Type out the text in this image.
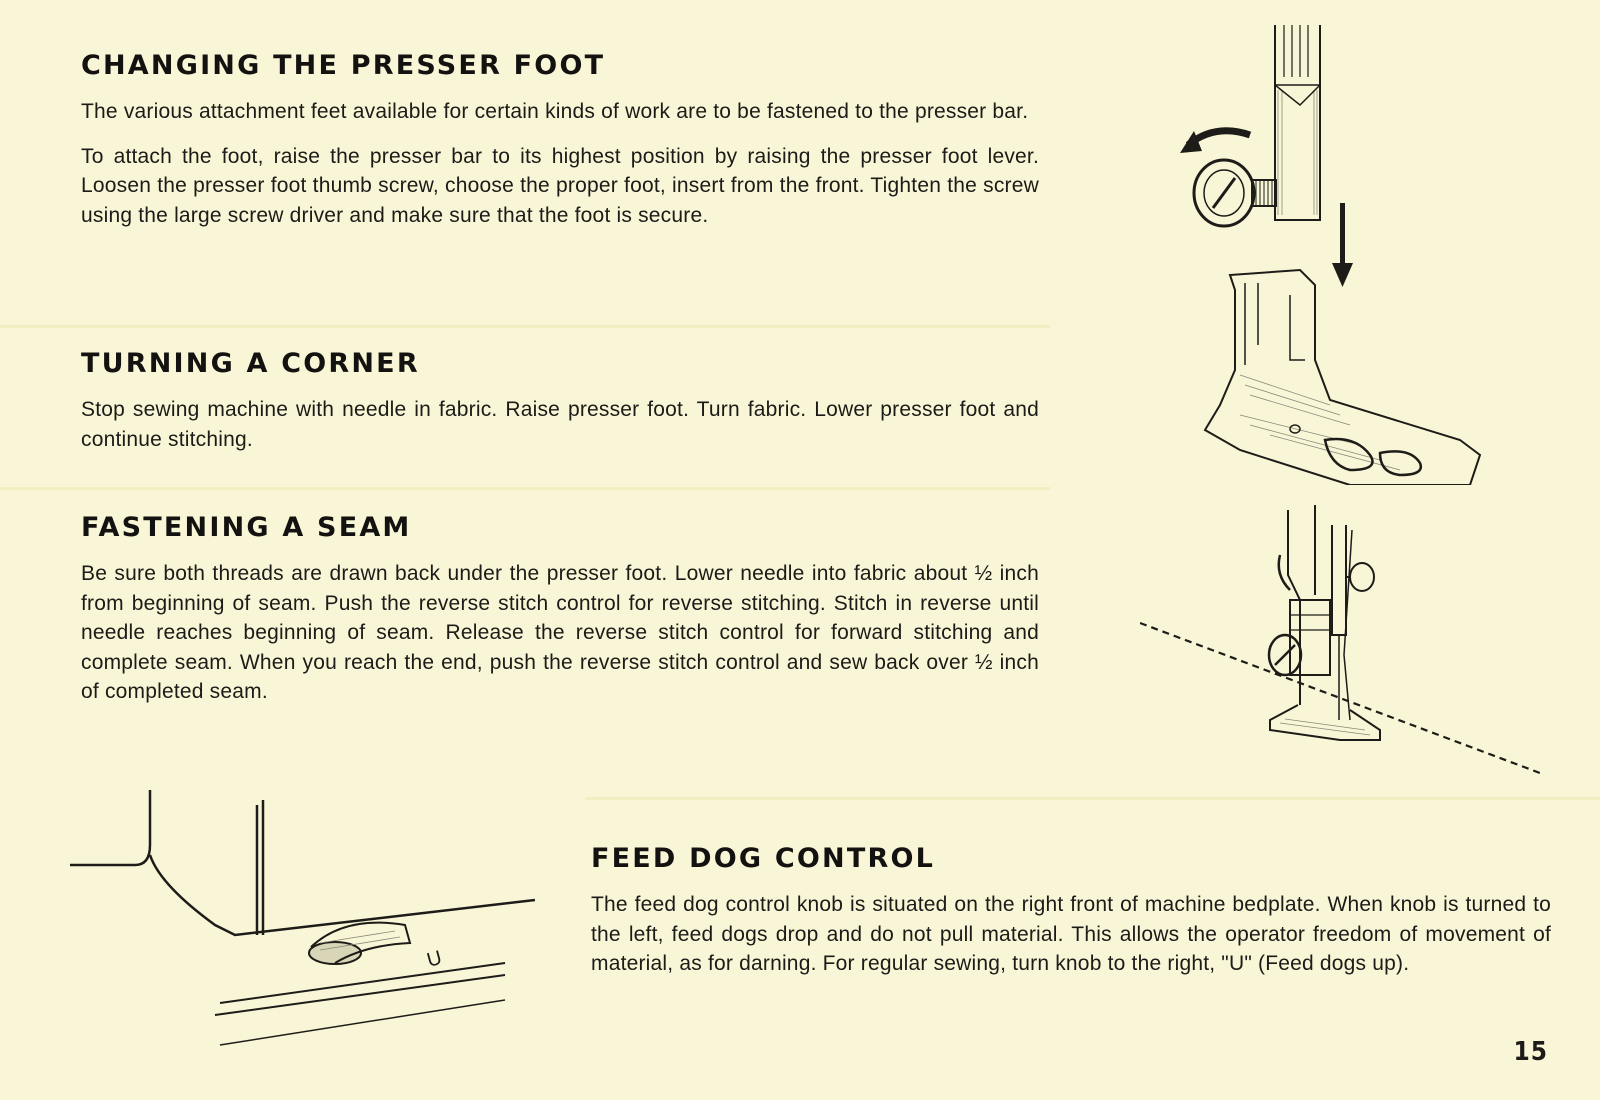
CHANGING THE PRESSER FOOT

The various attachment feet available for certain kinds of work are to be fastened to the presser bar.

To attach the foot, raise the presser bar to its highest position by raising the presser foot lever. Loosen the presser foot thumb screw, choose the proper foot, insert from the front. Tighten the screw using the large screw driver and make sure that the foot is secure.

TURNING A CORNER

Stop sewing machine with needle in fabric. Raise presser foot. Turn fabric. Lower presser foot and continue stitching.

FASTENING A SEAM

Be sure both threads are drawn back under the presser foot. Lower needle into fabric about ½ inch from beginning of seam. Push the reverse stitch control for reverse stitching. Stitch in reverse until needle reaches beginning of seam. Release the reverse stitch control for forward stitching and complete seam. When you reach the end, push the reverse stitch control and sew back over ½ inch of completed seam.

FEED DOG CONTROL

The feed dog control knob is situated on the right front of machine bedplate. When knob is turned to the left, feed dogs drop and do not pull material. This allows the operator freedom of movement of material, as for darning. For regular sewing, turn knob to the right, "U" (Feed dogs up).

U
15
